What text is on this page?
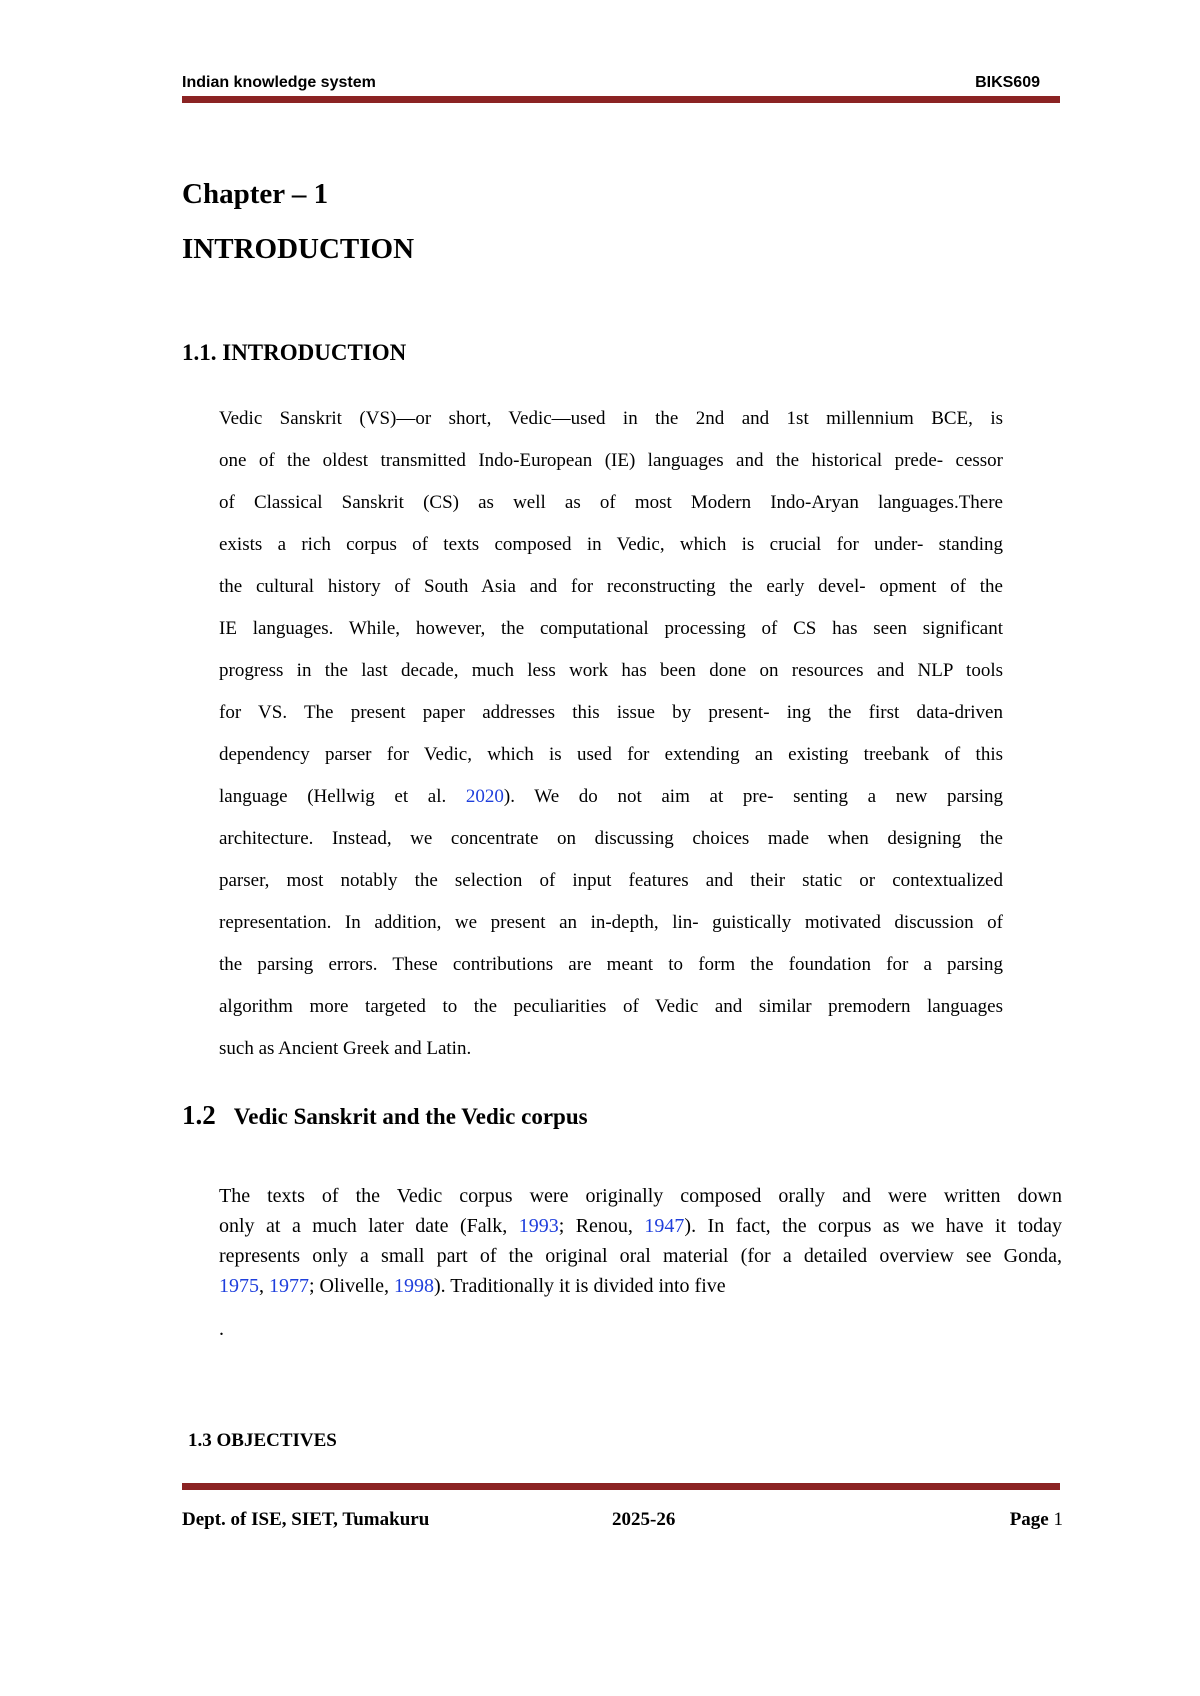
Indian knowledge system	BIKS609
Chapter – 1
INTRODUCTION
1.1. INTRODUCTION
Vedic Sanskrit (VS)—or short, Vedic—used in the 2nd and 1st millennium BCE, is
one of the oldest transmitted Indo-European (IE) languages and the historical prede- cessor
of Classical Sanskrit (CS) as well as of most Modern Indo-Aryan languages.There
exists a rich corpus of texts composed in Vedic, which is crucial for under- standing
the cultural history of South Asia and for reconstructing the early devel- opment of the
IE languages. While, however, the computational processing of CS has seen significant
progress in the last decade, much less work has been done on resources and NLP tools
for VS. The present paper addresses this issue by present- ing the first data-driven
dependency parser for Vedic, which is used for extending an existing treebank of this
language (Hellwig et al. 2020). We do not aim at pre- senting a new parsing
architecture. Instead, we concentrate on discussing choices made when designing the
parser, most notably the selection of input features and their static or contextualized
representation. In addition, we present an in-depth, lin- guistically motivated discussion of
the parsing errors. These contributions are meant to form the foundation for a parsing
algorithm more targeted to the peculiarities of Vedic and similar premodern languages
such as Ancient Greek and Latin.
1.2 Vedic Sanskrit and the Vedic corpus
The texts of the Vedic corpus were originally composed orally and were written down
only at a much later date (Falk, 1993; Renou, 1947). In fact, the corpus as we have it today
represents only a small part of the original oral material (for a detailed overview see Gonda,
1975, 1977; Olivelle, 1998). Traditionally it is divided into five
.
1.3 OBJECTIVES
Dept. of ISE, SIET, Tumakuru	2025-26	Page 1
